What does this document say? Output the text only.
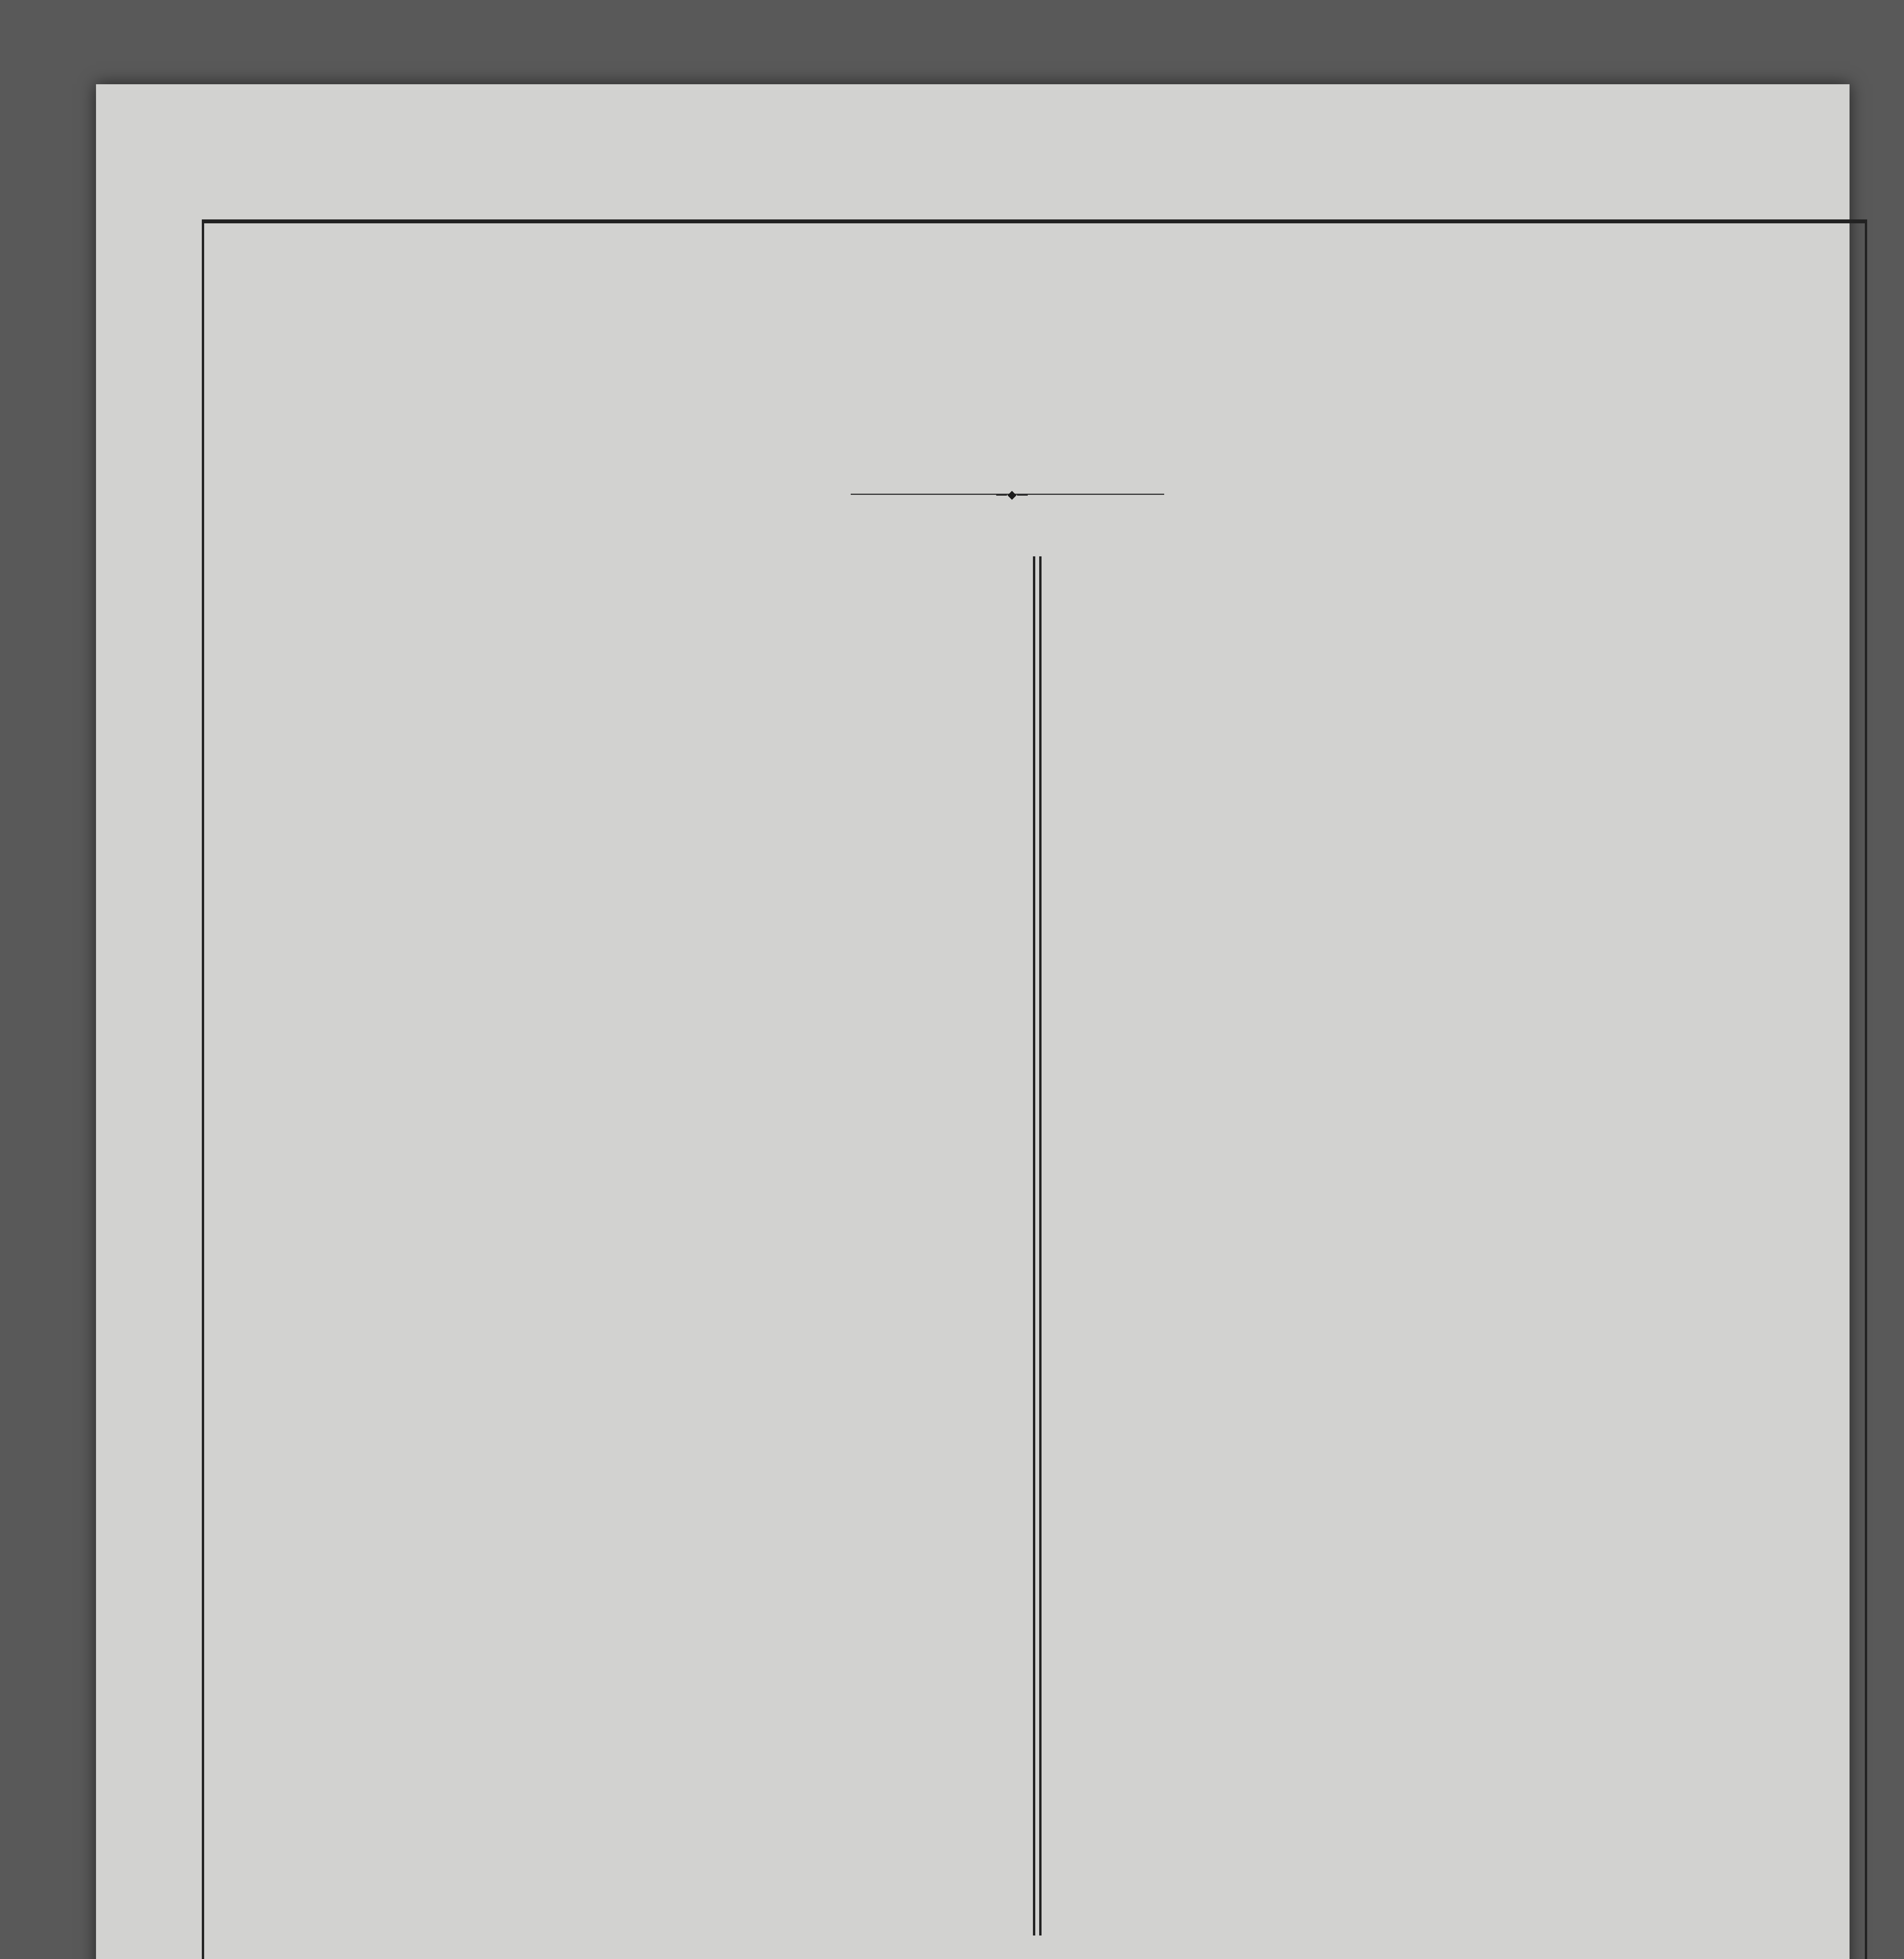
—◆—
